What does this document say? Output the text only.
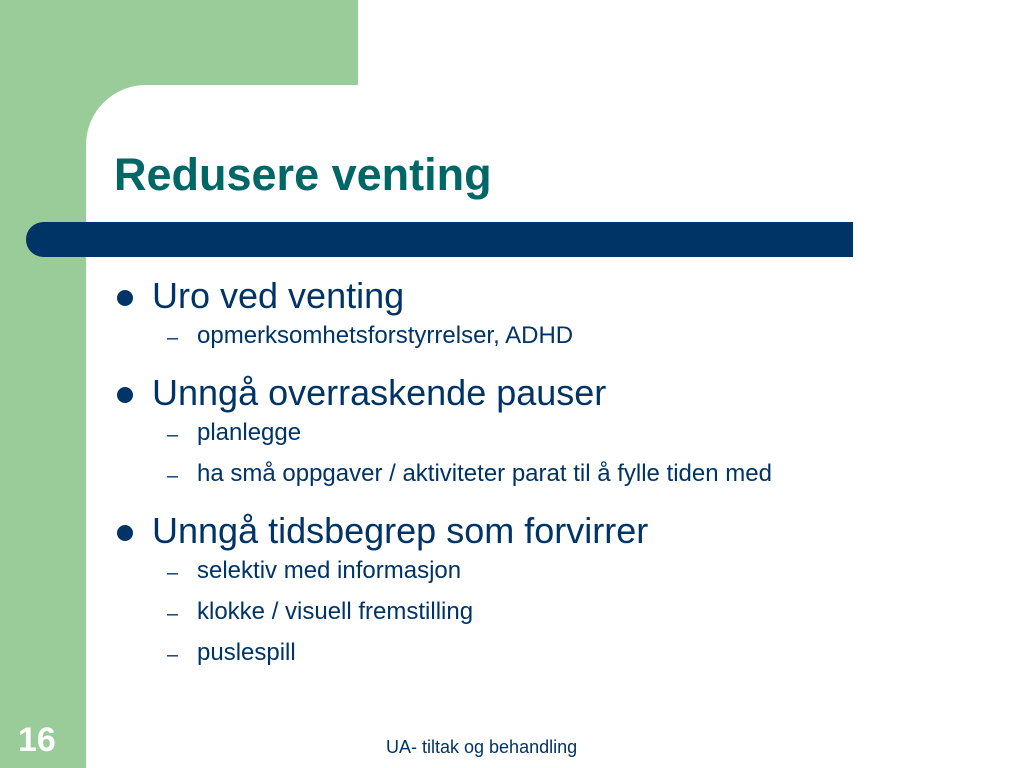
Redusere venting
Uro ved venting
– opmerksomhetsforstyrrelser, ADHD
Unngå overraskende pauser
– planlegge
– ha små oppgaver / aktiviteter parat til å fylle tiden med
Unngå tidsbegrep som forvirrer
– selektiv med informasjon
– klokke / visuell fremstilling
– puslespill
16	UA- tiltak og behandling
